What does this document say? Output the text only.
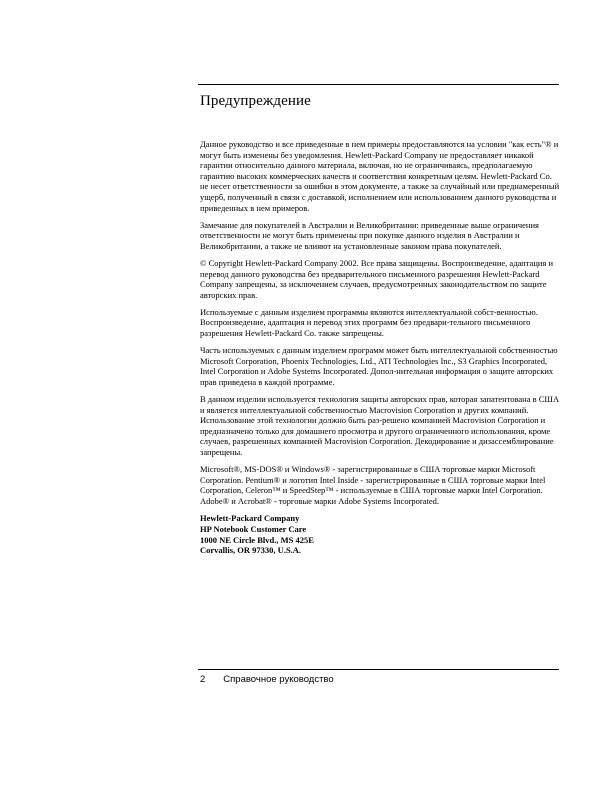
Предупреждение

Данное руководство и все приведенные в нем примеры предоставляются на условии "как есть"® и могут быть изменены без уведомления. Hewlett-Packard Company не предоставляет никакой гарантии относительно данного материала, включая, но не ограничиваясь, предполагаемую гарантию высоких коммерческих качеств и соответствия конкретным целям. Hewlett-Packard Co. не несет ответственности за ошибки в этом документе, а также за случайный или преднамеренный ущерб, полученный в связи с доставкой, исполнением или использованием данного руководства и приведенных в нем примеров.

Замечание для покупателей в Австралии и Великобритании: приведенные выше ограничения ответственности не могут быть применены при покупке данного изделия в Австралии и Великобритании, а также не влияют на установленные законом права покупателей.

© Copyright Hewlett-Packard Company 2002. Все права защищены. Воспроизведение, адаптация и перевод данного руководства без предварительного письменного разрешения Hewlett-Packard Company запрещены, за исключением случаев, предусмотренных законодательством по защите авторских прав.

Используемые с данным изделием программы являются интеллектуальной собст-венностью. Воспроизведение, адаптация и перевод этих программ без предвари-тельного письменного разрешения Hewlett-Packard Co. также запрещены.

Часть используемых с данным изделием программ может быть интеллектуальной собственностью Microsoft Corporation, Phoenix Technologies, Ltd., ATI Technologies Inc., S3 Graphics Incorporated, Intel Corporation и Adobe Systems Incorporated. Допол-нительная информация о защите авторских прав приведена в каждой программе.

В данном изделии используется технология защиты авторских прав, которая запатентована в США и является интеллектуальной собственностью Macrovision Corporation и других компаний. Использование этой технологии должно быть раз-решено компанией Macrovision Corporation и предназначено только для домашнего просмотра и другого ограниченного использования, кроме случаев, разрешенных компанией Macrovision Corporation. Декодирование и дизассемблирование запрещены.

Microsoft®, MS-DOS® и Windows® - зарегистрированные в США торговые марки Microsoft Corporation. Pentium® и логотип Intel Inside - зарегистрированные в США торговые марки Intel Corporation, Celeron™ и SpeedStep™ - используемые в США торговые марки Intel Corporation. Adobe® и Acrobat® - торговые марки Adobe Systems Incorporated.

Hewlett-Packard Company
HP Notebook Customer Care
1000 NE Circle Blvd., MS 425E
Corvallis, OR 97330, U.S.A.
2 Справочное руководство
